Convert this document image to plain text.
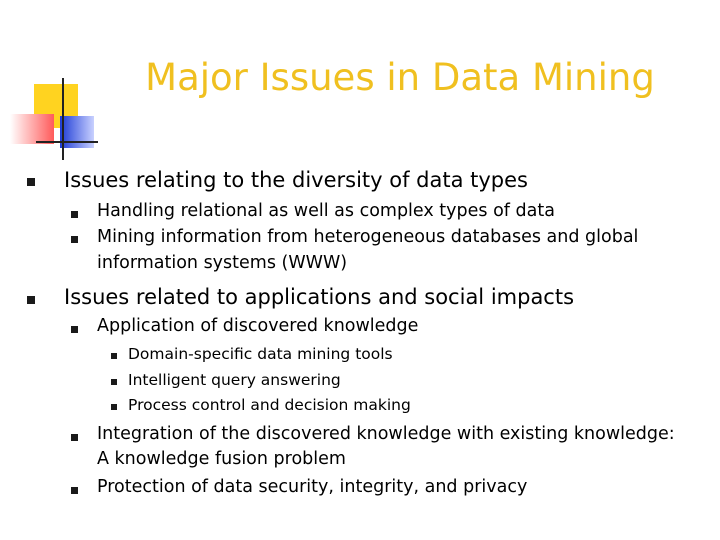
Major Issues in Data Mining
Issues relating to the diversity of data types
Handling relational as well as complex types of data
Mining information from heterogeneous databases and global
information systems (WWW)
Issues related to applications and social impacts
Application of discovered knowledge
Domain-specific data mining tools
Intelligent query answering
Process control and decision making
Integration of the discovered knowledge with existing knowledge:
A knowledge fusion problem
Protection of data security, integrity, and privacy
